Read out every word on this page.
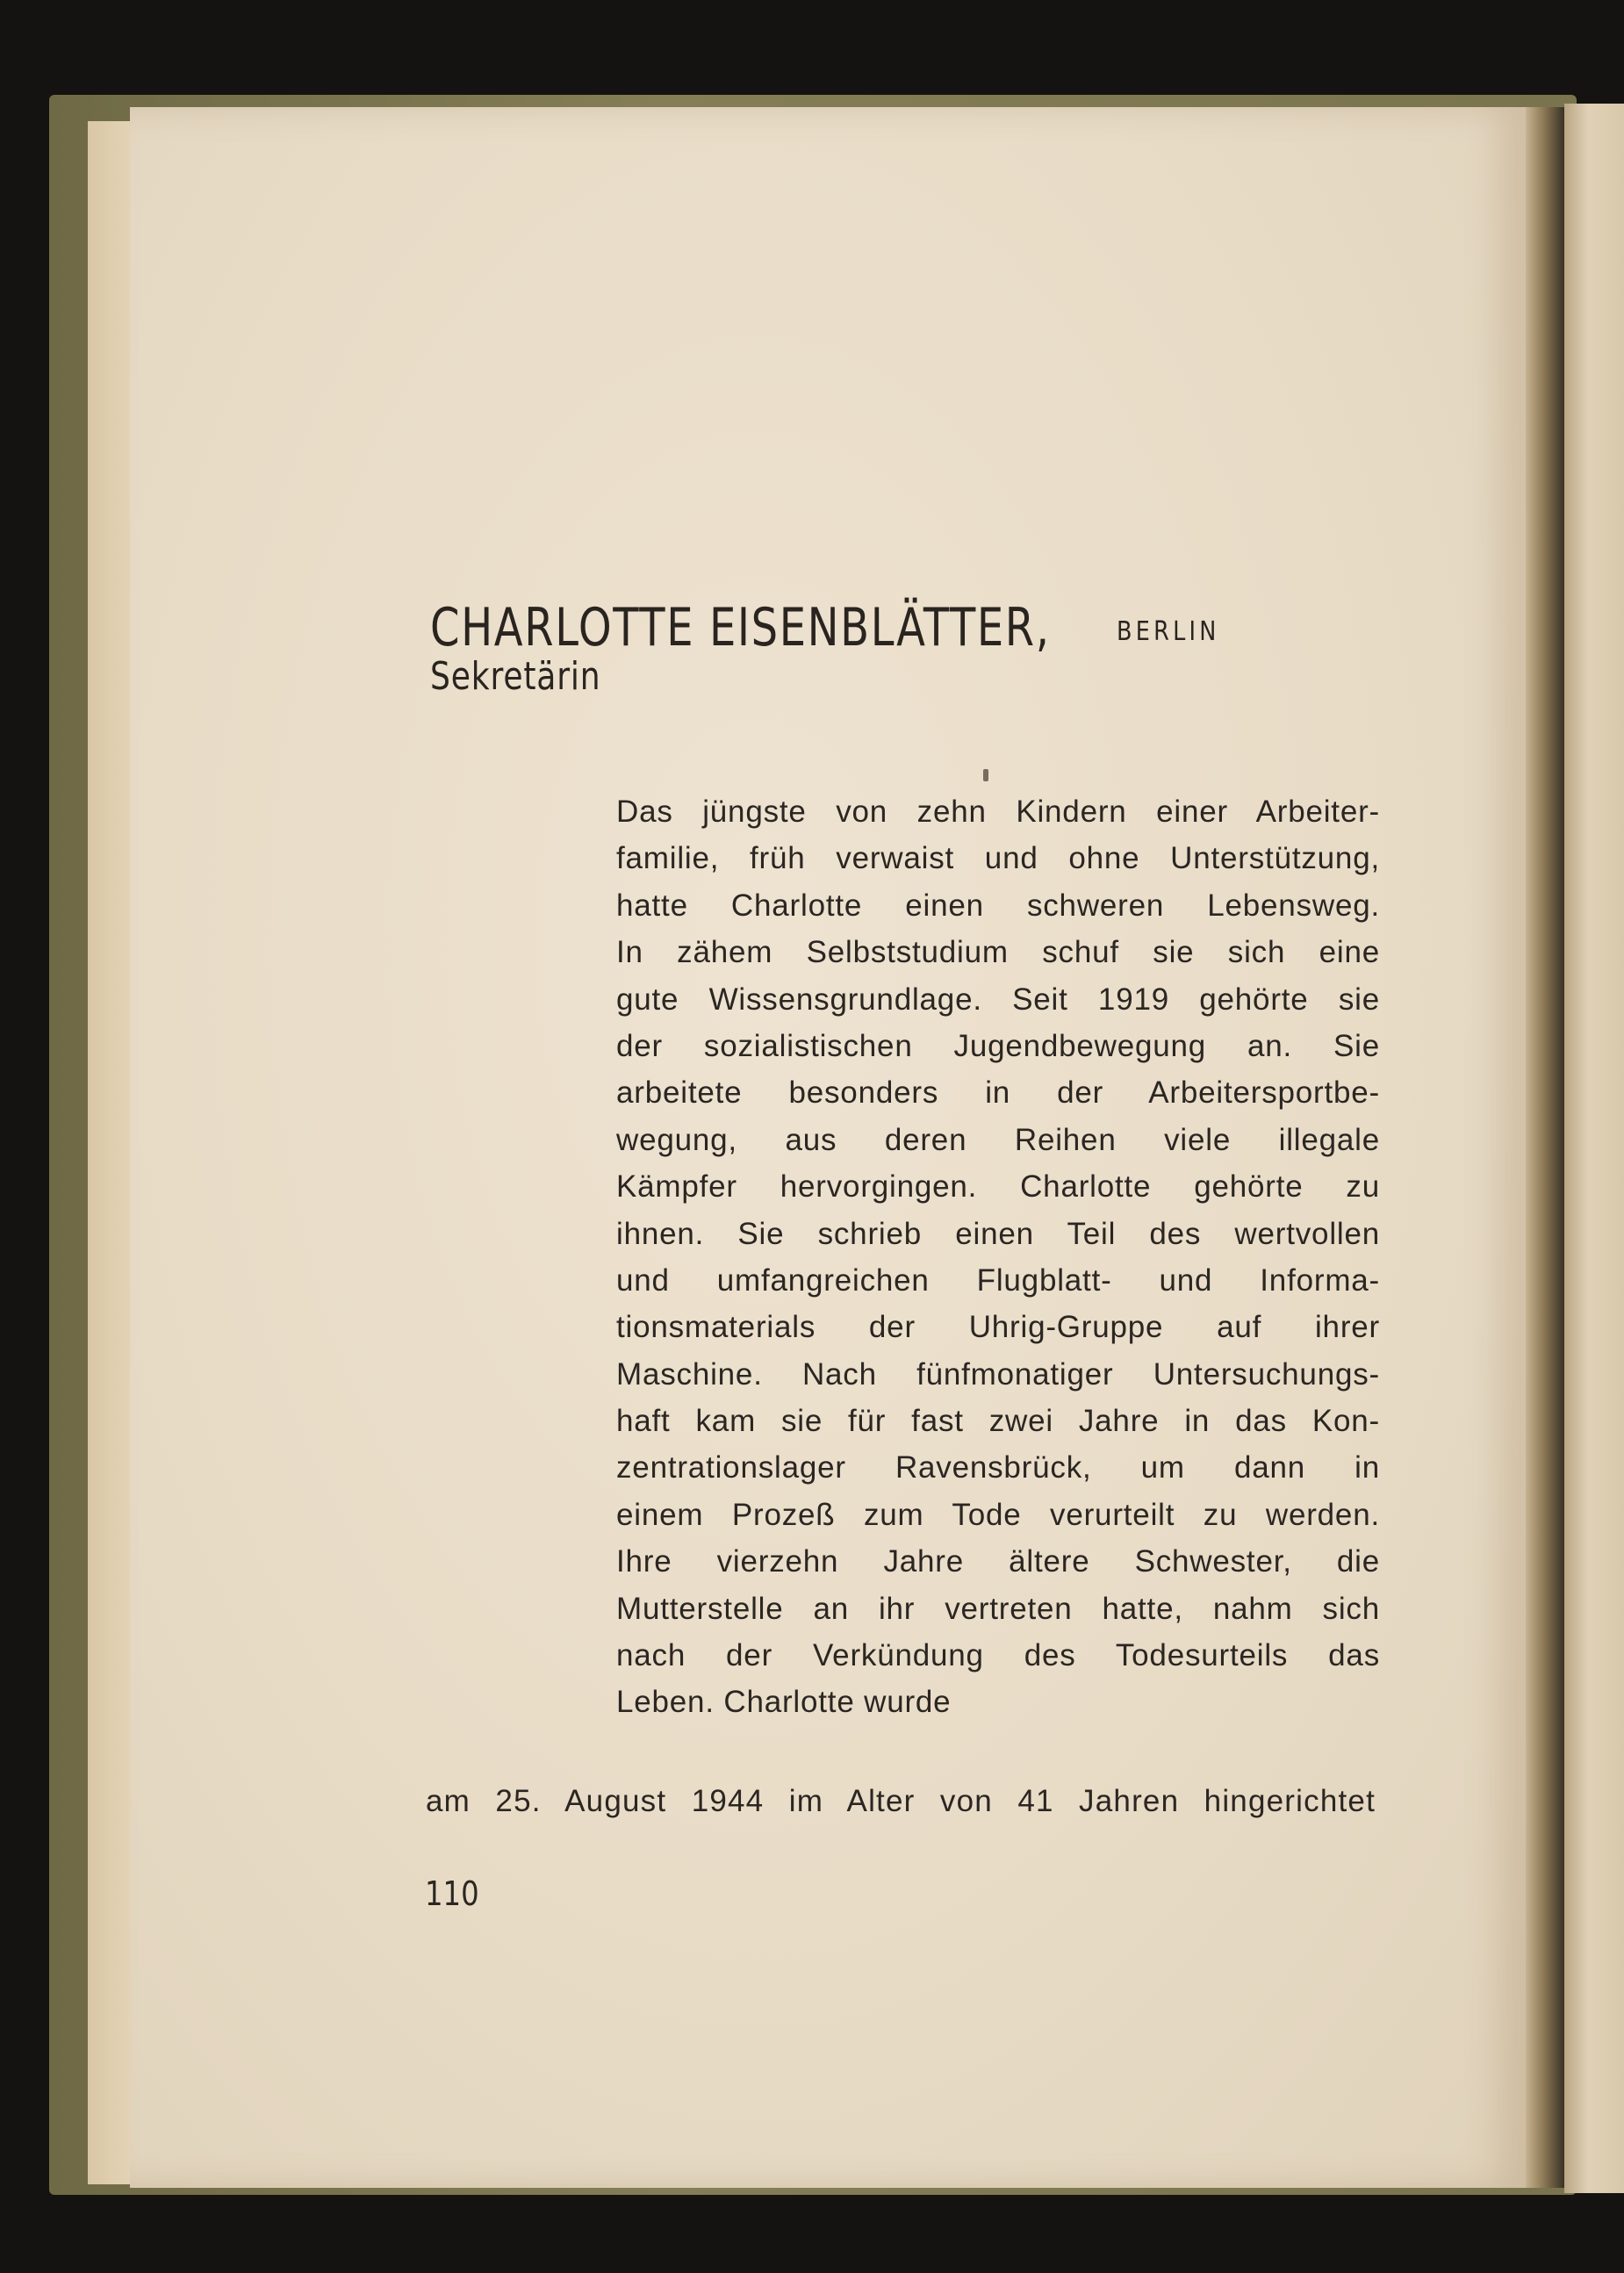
CHARLOTTE EISENBLÄTTER,	BERLIN
Sekretärin
Das jüngste von zehn Kindern einer Arbeiter-
familie, früh verwaist und ohne Unterstützung,
hatte Charlotte einen schweren Lebensweg.
In zähem Selbststudium schuf sie sich eine
gute Wissensgrundlage. Seit 1919 gehörte sie
der sozialistischen Jugendbewegung an. Sie
arbeitete besonders in der Arbeitersportbe-
wegung, aus deren Reihen viele illegale
Kämpfer hervorgingen. Charlotte gehörte zu
ihnen. Sie schrieb einen Teil des wertvollen
und umfangreichen Flugblatt- und Informa-
tionsmaterials der Uhrig-Gruppe auf ihrer
Maschine. Nach fünfmonatiger Untersuchungs-
haft kam sie für fast zwei Jahre in das Kon-
zentrationslager Ravensbrück, um dann in
einem Prozeß zum Tode verurteilt zu werden.
Ihre vierzehn Jahre ältere Schwester, die
Mutterstelle an ihr vertreten hatte, nahm sich
nach der Verkündung des Todesurteils das
Leben. Charlotte wurde
am 25. August 1944 im Alter von 41 Jahren hingerichtet
110
